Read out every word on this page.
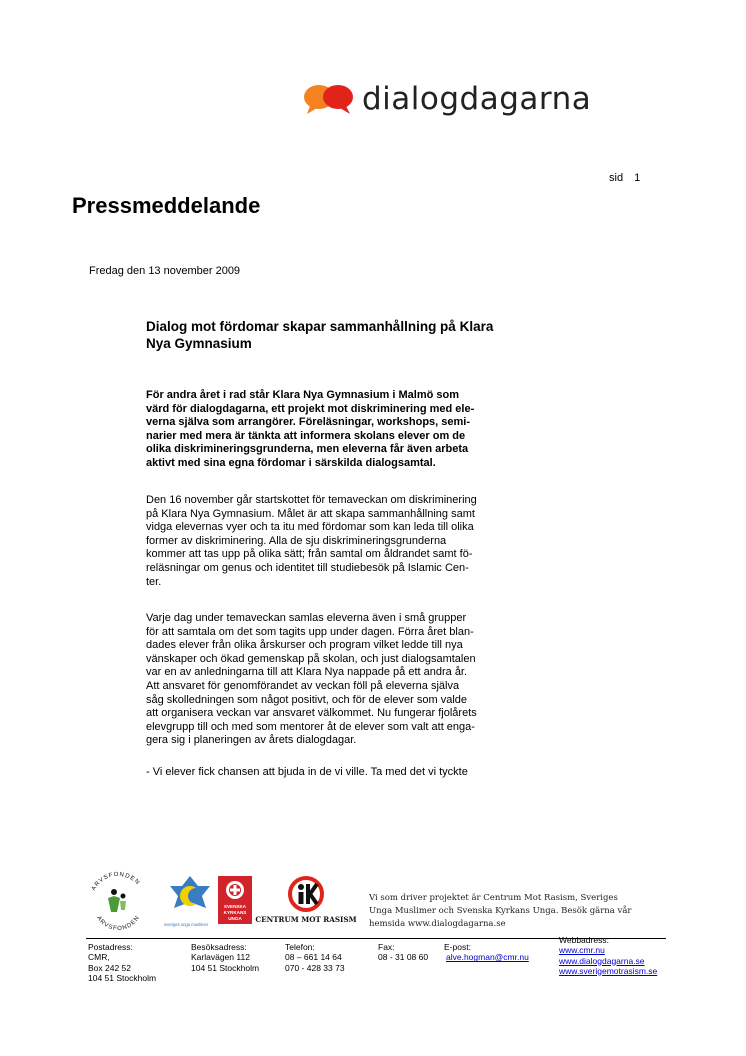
dialogdagarna
sid 1
Pressmeddelande
Fredag den 13 november 2009
Dialog mot fördomar skapar sammanhållning på Klara
Nya Gymnasium
För andra året i rad står Klara Nya Gymnasium i Malmö som
värd för dialogdagarna, ett projekt mot diskriminering med ele-
verna själva som arrangörer. Föreläsningar, workshops, semi-
narier med mera är tänkta att informera skolans elever om de
olika diskrimineringsgrunderna, men eleverna får även arbeta
aktivt med sina egna fördomar i särskilda dialogsamtal.
Den 16 november går startskottet för temaveckan om diskriminering
på Klara Nya Gymnasium. Målet är att skapa sammanhållning samt
vidga elevernas vyer och ta itu med fördomar som kan leda till olika
former av diskriminering. Alla de sju diskrimineringsgrunderna
kommer att tas upp på olika sätt; från samtal om åldrandet samt fö-
reläsningar om genus och identitet till studiebesök på Islamic Cen-
ter.
Varje dag under temaveckan samlas eleverna även i små grupper
för att samtala om det som tagits upp under dagen. Förra året blan-
dades elever från olika årskurser och program vilket ledde till nya
vänskaper och ökad gemenskap på skolan, och just dialogsamtalen
var en av anledningarna till att Klara Nya nappade på ett andra år.
Att ansvaret för genomförandet av veckan föll på eleverna själva
såg skolledningen som något positivt, och för de elever som valde
att organisera veckan var ansvaret välkommet. Nu fungerar fjolårets
elevgrupp till och med som mentorer åt de elever som valt att enga-
gera sig i planeringen av årets dialogdagar.
- Vi elever fick chansen att bjuda in de vi ville. Ta med det vi tyckte
ARVSFONDEN
ARVSFONDEN
sveriges unga muslimer
SVENSKA
KYRKANS
UNGA CENTRUM MOT RASISM
Vi som driver projektet är Centrum Mot Rasism, Sveriges
Unga Muslimer och Svenska Kyrkans Unga. Besök gärna vår
hemsida www.dialogdagarna.se
Postadress:
CMR,
Box 242 52
104 51 Stockholm
Besöksadress:
Karlavägen 112
104 51 Stockholm
Telefon:
08 – 661 14 64
070 - 428 33 73
Fax:
08 - 31 08 60
E-post:
alve.hogman@cmr.nu
Webbadress:
www.cmr.nu
www.dialogdagarna.se
www.sverigemotrasism.se
